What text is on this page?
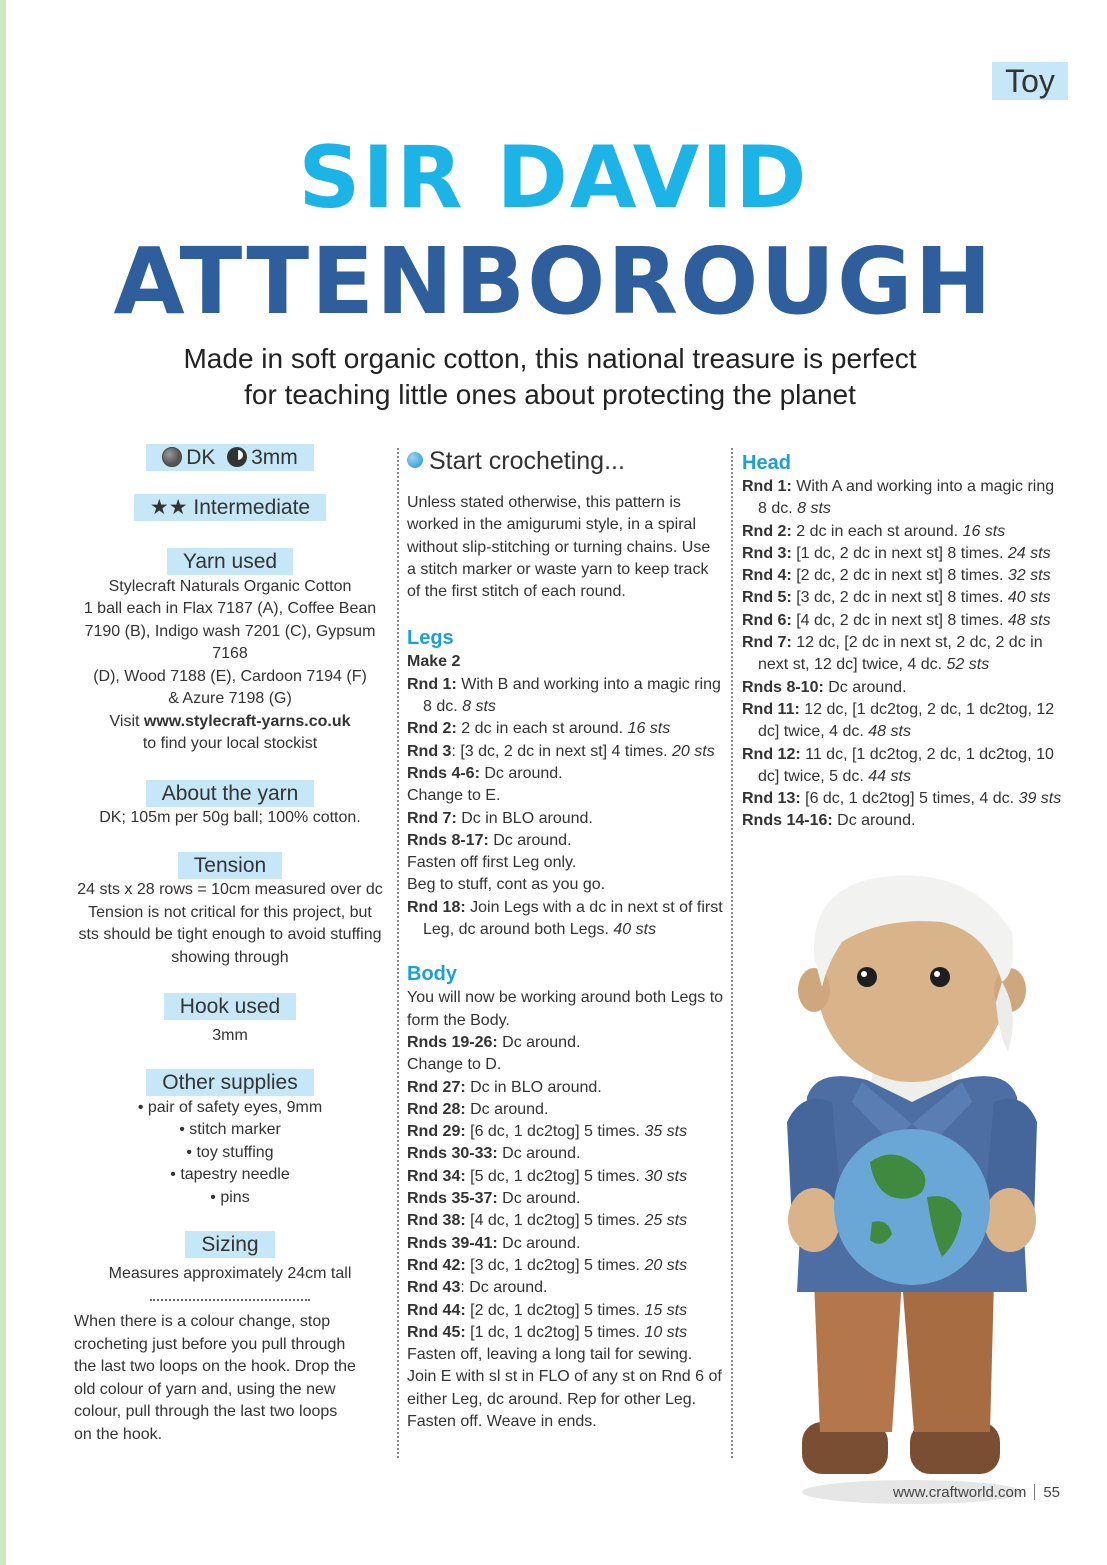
Toy
SIR DAVID
ATTENBOROUGH
Made in soft organic cotton, this national treasure is perfect
for teaching little ones about protecting the planet
DK 3mm
★★ Intermediate
Yarn used
Stylecraft Naturals Organic Cotton
1 ball each in Flax 7187 (A), Coffee Bean
7190 (B), Indigo wash 7201 (C), Gypsum 7168
(D), Wood 7188 (E), Cardoon 7194 (F)
& Azure 7198 (G)
Visit www.stylecraft-yarns.co.uk
to find your local stockist
About the yarn
DK; 105m per 50g ball; 100% cotton.
Tension
24 sts x 28 rows = 10cm measured over dc
Tension is not critical for this project, but
sts should be tight enough to avoid stuffing
showing through
Hook used
3mm
Other supplies
• pair of safety eyes, 9mm
• stitch marker
• toy stuffing
• tapestry needle
• pins
Sizing
Measures approximately 24cm tall
When there is a colour change, stop
crocheting just before you pull through
the last two loops on the hook. Drop the
old colour of yarn and, using the new
colour, pull through the last two loops
on the hook.
Start crocheting...
Unless stated otherwise, this pattern is
worked in the amigurumi style, in a spiral
without slip-stitching or turning chains. Use
a stitch marker or waste yarn to keep track
of the first stitch of each round.
Legs
Make 2
Rnd 1: With B and working into a magic ring 8 dc. 8 sts
Rnd 2: 2 dc in each st around. 16 sts
Rnd 3: [3 dc, 2 dc in next st] 4 times. 20 sts
Rnds 4-6: Dc around.
Change to E.
Rnd 7: Dc in BLO around.
Rnds 8-17: Dc around.
Fasten off first Leg only.
Beg to stuff, cont as you go.
Rnd 18: Join Legs with a dc in next st of first Leg, dc around both Legs. 40 sts
Body
You will now be working around both Legs to form the Body.
Rnds 19-26: Dc around.
Change to D.
Rnd 27: Dc in BLO around.
Rnd 28: Dc around.
Rnd 29: [6 dc, 1 dc2tog] 5 times. 35 sts
Rnds 30-33: Dc around.
Rnd 34: [5 dc, 1 dc2tog] 5 times. 30 sts
Rnds 35-37: Dc around.
Rnd 38: [4 dc, 1 dc2tog] 5 times. 25 sts
Rnds 39-41: Dc around.
Rnd 42: [3 dc, 1 dc2tog] 5 times. 20 sts
Rnd 43: Dc around.
Rnd 44: [2 dc, 1 dc2tog] 5 times. 15 sts
Rnd 45: [1 dc, 1 dc2tog] 5 times. 10 sts
Fasten off, leaving a long tail for sewing.
Join E with sl st in FLO of any st on Rnd 6 of either Leg, dc around. Rep for other Leg.
Fasten off. Weave in ends.
Head
Rnd 1: With A and working into a magic ring 8 dc. 8 sts
Rnd 2: 2 dc in each st around. 16 sts
Rnd 3: [1 dc, 2 dc in next st] 8 times. 24 sts
Rnd 4: [2 dc, 2 dc in next st] 8 times. 32 sts
Rnd 5: [3 dc, 2 dc in next st] 8 times. 40 sts
Rnd 6: [4 dc, 2 dc in next st] 8 times. 48 sts
Rnd 7: 12 dc, [2 dc in next st, 2 dc, 2 dc in next st, 12 dc] twice, 4 dc. 52 sts
Rnds 8-10: Dc around.
Rnd 11: 12 dc, [1 dc2tog, 2 dc, 1 dc2tog, 12 dc] twice, 4 dc. 48 sts
Rnd 12: 11 dc, [1 dc2tog, 2 dc, 1 dc2tog, 10 dc] twice, 5 dc. 44 sts
Rnd 13: [6 dc, 1 dc2tog] 5 times, 4 dc. 39 sts
Rnds 14-16: Dc around.
www.craftworld.com 55
